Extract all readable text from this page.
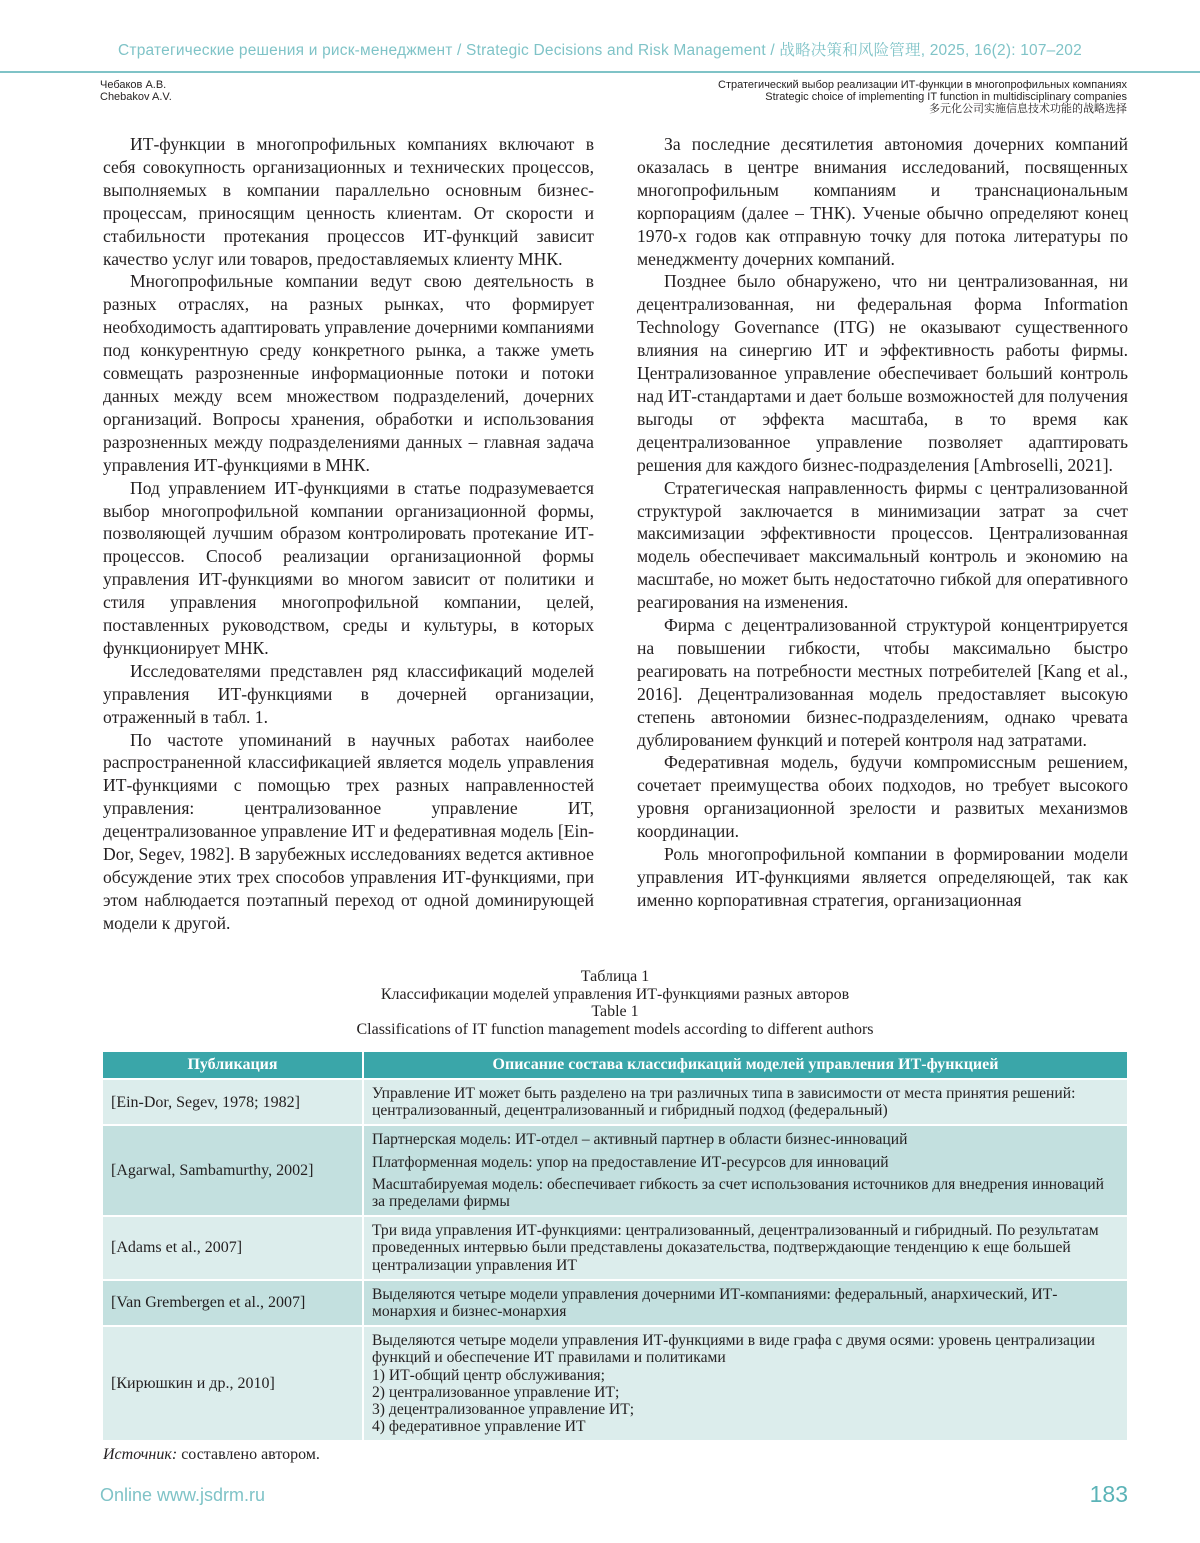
Стратегические решения и риск-менеджмент / Strategic Decisions and Risk Management / 战略决策和风险管理, 2025, 16(2): 107–202
Чебаков А.В.
Chebakov A.V.
Стратегический выбор реализации ИТ-функции в многопрофильных компаниях
Strategic choice of implementing IT function in multidisciplinary companies
多元化公司实施信息技术功能的战略选择

ИТ-функции в многопрофильных компаниях включают в себя совокупность организационных и технических процессов, выполняемых в компании параллельно основным бизнес-процессам, приносящим ценность клиентам. От скорости и стабильности протекания процессов ИТ-функций зависит качество услуг или товаров, предоставляемых клиенту МНК.

Многопрофильные компании ведут свою деятельность в разных отраслях, на разных рынках, что формирует необходимость адаптировать управление дочерними компаниями под конкурентную среду конкретного рынка, а также уметь совмещать разрозненные информационные потоки и потоки данных между всем множеством подразделений, дочерних организаций. Вопросы хранения, обработки и использования разрозненных между подразделениями данных – главная задача управления ИТ-функциями в МНК.

Под управлением ИТ-функциями в статье подразумевается выбор многопрофильной компании организационной формы, позволяющей лучшим образом контролировать протекание ИТ-процессов. Способ реализации организационной формы управления ИТ-функциями во многом зависит от политики и стиля управления многопрофильной компании, целей, поставленных руководством, среды и культуры, в которых функционирует МНК.

Исследователями представлен ряд классификаций моделей управления ИТ-функциями в дочерней организации, отраженный в табл. 1.

По частоте упоминаний в научных работах наиболее распространенной классификацией является модель управления ИТ-функциями с помощью трех разных направленностей управления: централизованное управление ИТ, децентрализованное управление ИТ и федеративная модель [Ein-Dor, Segev, 1982]. В зарубежных исследованиях ведется активное обсуждение этих трех способов управления ИТ-функциями, при этом наблюдается поэтапный переход от одной доминирующей модели к другой.

За последние десятилетия автономия дочерних компаний оказалась в центре внимания исследований, посвященных многопрофильным компаниям и транснациональным корпорациям (далее – ТНК). Ученые обычно определяют конец 1970-х годов как отправную точку для потока литературы по менеджменту дочерних компаний.

Позднее было обнаружено, что ни централизованная, ни децентрализованная, ни федеральная форма Information Technology Governance (ITG) не оказывают существенного влияния на синергию ИТ и эффективность работы фирмы. Централизованное управление обеспечивает больший контроль над ИТ-стандартами и дает больше возможностей для получения выгоды от эффекта масштаба, в то время как децентрализованное управление позволяет адаптировать решения для каждого бизнес-подразделения [Ambroselli, 2021].

Стратегическая направленность фирмы с централизованной структурой заключается в минимизации затрат за счет максимизации эффективности процессов. Централизованная модель обеспечивает максимальный контроль и экономию на масштабе, но может быть недостаточно гибкой для оперативного реагирования на изменения.

Фирма с децентрализованной структурой концентрируется на повышении гибкости, чтобы максимально быстро реагировать на потребности местных потребителей [Kang et al., 2016]. Децентрализованная модель предоставляет высокую степень автономии бизнес-подразделениям, однако чревата дублированием функций и потерей контроля над затратами.

Федеративная модель, будучи компромиссным решением, сочетает преимущества обоих подходов, но требует высокого уровня организационной зрелости и развитых механизмов координации.

Роль многопрофильной компании в формировании модели управления ИТ-функциями является определяющей, так как именно корпоративная стратегия, организационная

Таблица 1
Классификации моделей управления ИТ-функциями разных авторов
Table 1
Classifications of IT function management models according to different authors
Публикация	Описание состава классификаций моделей управления ИТ-функцией
[Ein-Dor, Segev, 1978; 1982]	Управление ИТ может быть разделено на три различных типа в зависимости от места принятия решений: централизованный, децентрализованный и гибридный подход (федеральный)

[Agarwal, Sambamurthy, 2002]	Партнерская модель: ИТ-отдел – активный партнер в области бизнес-инноваций
Платформенная модель: упор на предоставление ИТ-ресурсов для инноваций
Масштабируемая модель: обеспечивает гибкость за счет использования источников для внедрения инноваций за пределами фирмы

[Adams et al., 2007]	Три вида управления ИТ-функциями: централизованный, децентрализованный и гибридный. По результатам проведенных интервью были представлены доказательства, подтверждающие тенденцию к еще большей централизации управления ИТ

[Van Grembergen et al., 2007]	Выделяются четыре модели управления дочерними ИТ-компаниями: федеральный, анархический, ИТ-монархия и бизнес-монархия

[Кирюшкин и др., 2010]	Выделяются четыре модели управления ИТ-функциями в виде графа с двумя осями: уровень централизации функций и обеспечение ИТ правилами и политиками
1) ИТ-общий центр обслуживания;
2) централизованное управление ИТ;
3) децентрализованное управление ИТ;
4) федеративное управление ИТ
Источник: составлено автором.
Online www.jsdrm.ru	183
